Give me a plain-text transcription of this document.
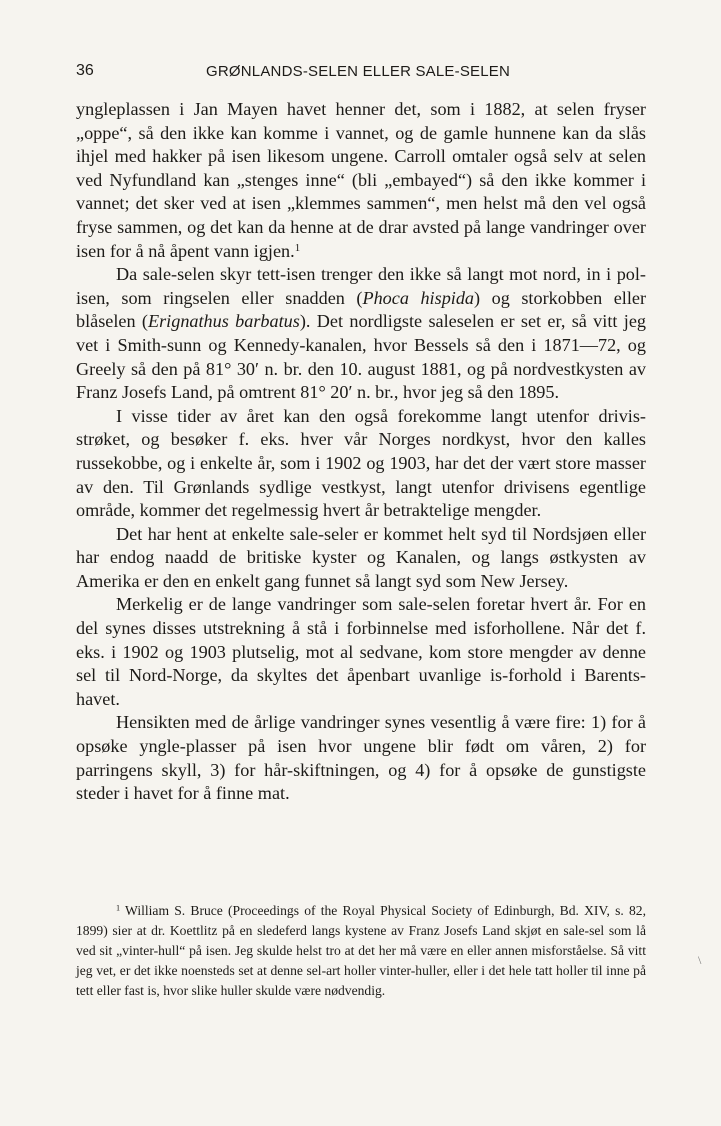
36	GRØNLANDS-SELEN ELLER SALE-SELEN

yngleplassen i Jan Mayen havet henner det, som i 1882, at selen fryser „oppe“, så den ikke kan komme i vannet, og de gamle hunnene kan da slås ihjel med hakker på isen likesom ungene. Carroll omtaler også selv at selen ved Nyfundland kan „stenges inne“ (bli „embayed“) så den ikke kommer i vannet; det sker ved at isen „klemmes sammen“, men helst må den vel også fryse sammen, og det kan da henne at de drar avsted på lange vandringer over isen for å nå åpent vann igjen.$^1$

Da sale-selen skyr tett-isen trenger den ikke så langt mot nord, in i pol-isen, som ringselen eller snadden (Phoca hispida) og storkobben eller blåselen (Erignathus barbatus). Det nordligste saleselen er set er, så vitt jeg vet i Smith-sunn og Kennedy-kanalen, hvor Bessels så den i 1871—72, og Greely så den på 81° 30′ n. br. den 10. august 1881, og på nordvestkysten av Franz Josefs Land, på omtrent 81° 20′ n. br., hvor jeg så den 1895.

I visse tider av året kan den også forekomme langt utenfor drivis-strøket, og besøker f. eks. hver vår Norges nordkyst, hvor den kalles russekobbe, og i enkelte år, som i 1902 og 1903, har det der vært store masser av den. Til Grønlands sydlige vestkyst, langt utenfor drivisens egentlige område, kommer det regelmessig hvert år betraktelige mengder.

Det har hent at enkelte sale-seler er kommet helt syd til Nordsjøen eller har endog naadd de britiske kyster og Kanalen, og langs østkysten av Amerika er den en enkelt gang funnet så langt syd som New Jersey.

Merkelig er de lange vandringer som sale-selen foretar hvert år. For en del synes disses utstrekning å stå i forbinnelse med isforhollene. Når det f. eks. i 1902 og 1903 plutselig, mot al sedvane, kom store mengder av denne sel til Nord-Norge, da skyltes det åpenbart uvanlige is-forhold i Barents-havet.

Hensikten med de årlige vandringer synes vesentlig å være fire: 1) for å opsøke yngle-plasser på isen hvor ungene blir født om våren, 2) for parringens skyll, 3) for hår-skiftningen, og 4) for å opsøke de gunstigste steder i havet for å finne mat.

$^1$ William S. Bruce (Proceedings of the Royal Physical Society of Edinburgh, Bd. XIV, s. 82, 1899) sier at dr. Koettlitz på en sledeferd langs kystene av Franz Josefs Land skjøt en sale-sel som lå ved sit „vinter-hull“ på isen. Jeg skulde helst tro at det her må være en eller annen misforståelse. Så vitt jeg vet, er det ikke noensteds set at denne sel-art holler vinter-huller, eller i det hele tatt holler til inne på tett eller fast is, hvor slike huller skulde være nødvendig.
\
